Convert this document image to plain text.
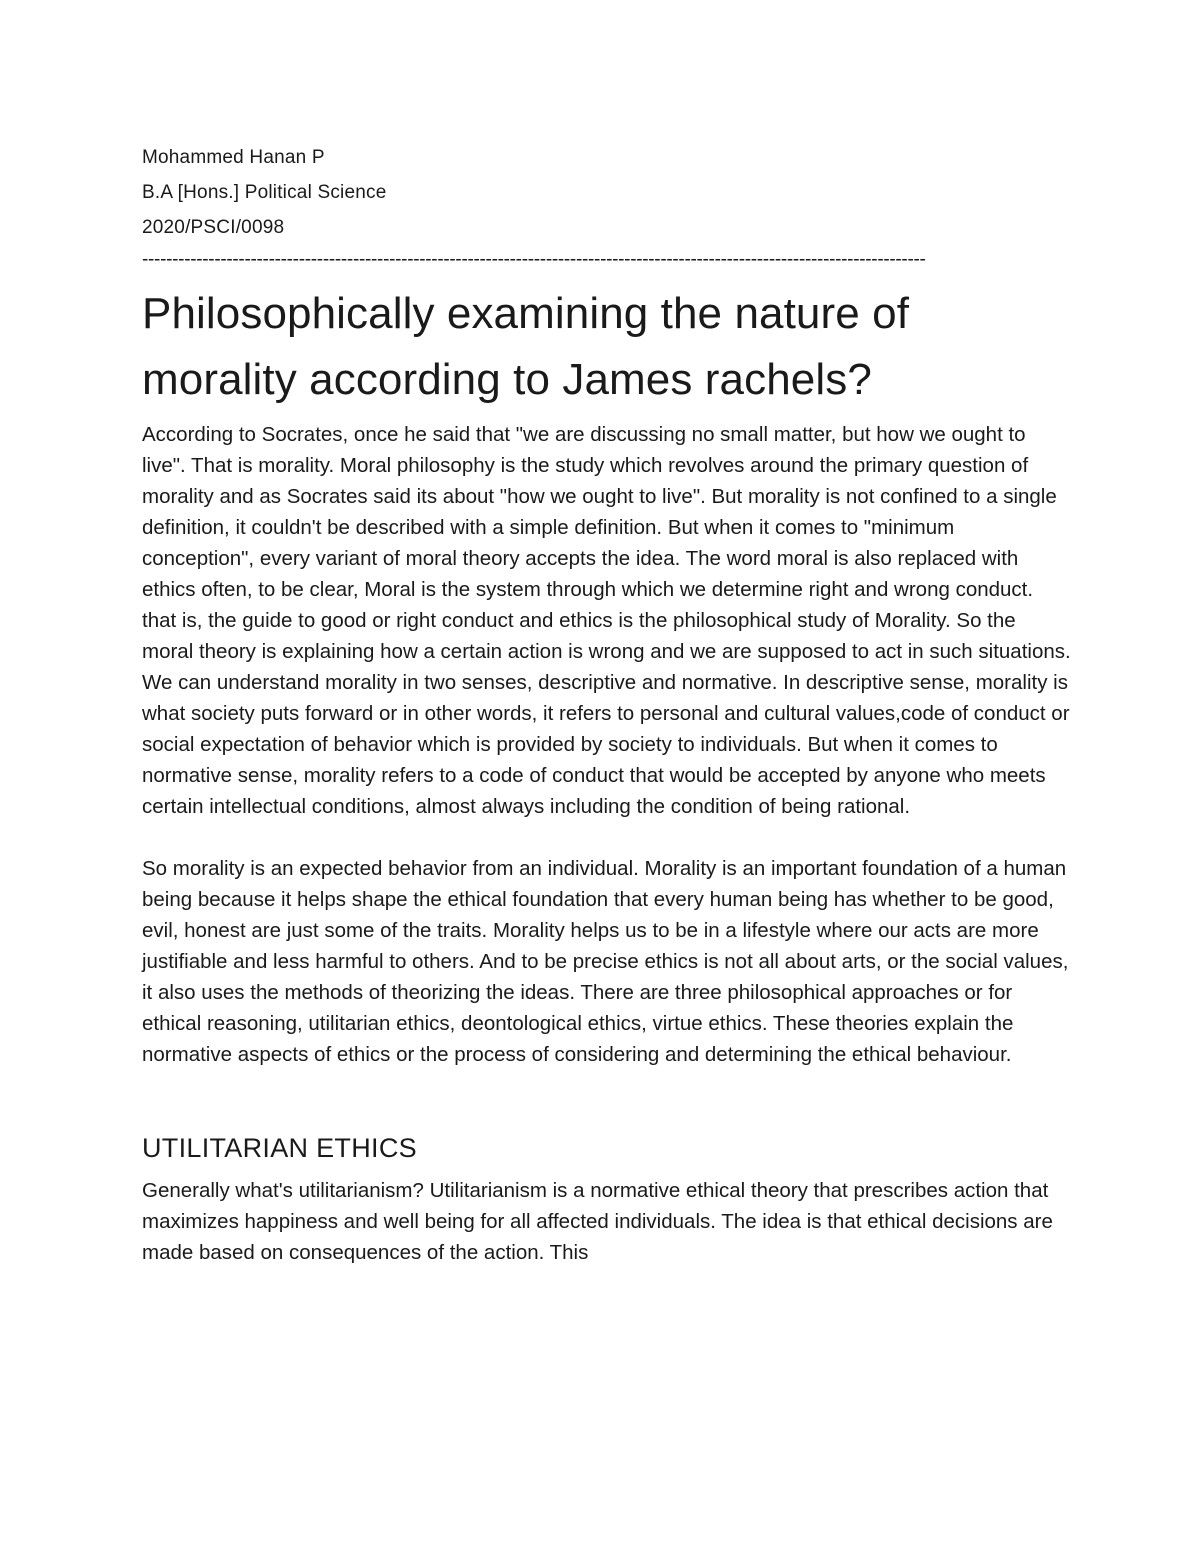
Mohammed Hanan P
B.A [Hons.] Political Science
2020/PSCI/0098
----------------------------------------------------------------------------------------------------------------------------------
Philosophically examining the nature of morality according to James rachels?

According to Socrates, once he said that "we are discussing no small matter, but how we ought to live". That is morality. Moral philosophy is the study which revolves around the primary question of morality and as Socrates said its about "how we ought to live". But morality is not confined to a single definition, it couldn't be described with a simple definition. But when it comes to "minimum conception", every variant of moral theory accepts the idea. The word moral is also replaced with ethics often, to be clear, Moral is the system through which we determine right and wrong conduct. that is, the guide to good or right conduct and ethics is the philosophical study of Morality. So the moral theory is explaining how a certain action is wrong and we are supposed to act in such situations. We can understand morality in two senses, descriptive and normative. In descriptive sense, morality is what society puts forward or in other words, it refers to personal and cultural values,code of conduct or social expectation of behavior which is provided by society to individuals. But when it comes to normative sense, morality refers to a code of conduct that would be accepted by anyone who meets certain intellectual conditions, almost always including the condition of being rational.

So morality is an expected behavior from an individual. Morality is an important foundation of a human being because it helps shape the ethical foundation that every human being has whether to be good, evil, honest are just some of the traits. Morality helps us to be in a lifestyle where our acts are more justifiable and less harmful to others. And to be precise ethics is not all about arts, or the social values, it also uses the methods of theorizing the ideas. There are three philosophical approaches or for ethical reasoning, utilitarian ethics, deontological ethics, virtue ethics. These theories explain the normative aspects of ethics or the process of considering and determining the ethical behaviour.

UTILITARIAN ETHICS

Generally what's utilitarianism? Utilitarianism is a normative ethical theory that prescribes action that maximizes happiness and well being for all affected individuals. The idea is that ethical decisions are made based on consequences of the action. This
